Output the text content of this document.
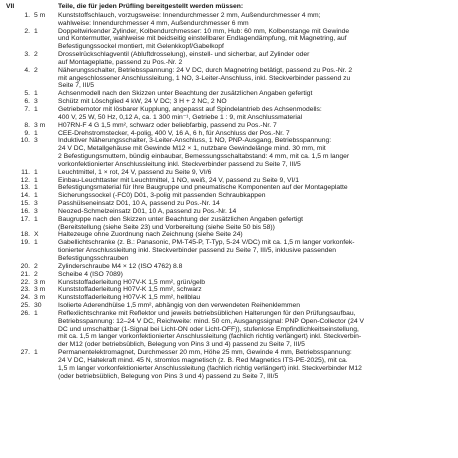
VII	Teile, die für jeden Prüfling bereitgestellt werden müssen:
1. 5 m	Kunststoffschlauch, vorzugsweise: Innendurchmesser 2 mm, Außendurchmesser 4 mm;
wahlweise: Innendurchmesser 4 mm, Außendurchmesser 6 mm
2. 1	Doppeltwirkender Zylinder, Kolbendurchmesser: 10 mm, Hub: 60 mm, Kolbenstange mit Gewinde
und Kontermutter, wahlweise mit beidseitig einstellbarer Endlagendämpfung, mit Magnetring, auf
Befestigungssockel montiert, mit Gelenkkopf/Gabelkopf
3. 2	Drosselrückschlagventil (Abluftdrosselung), einstell- und sicherbar, auf Zylinder oder
auf Montageplatte, passend zu Pos.-Nr. 2
4. 2	Näherungsschalter, Betriebsspannung: 24 V DC, durch Magnetring betätigt, passend zu Pos.-Nr. 2
mit angeschlossener Anschlussleitung, 1 NO, 3-Leiter-Anschluss, inkl. Steckverbinder passend zu
Seite 7, III/5
5. 1	Achsenmodell nach den Skizzen unter Beachtung der zusätzlichen Angaben gefertigt
6. 3	Schütz mit Löschglied 4 kW, 24 V DC; 3 H + 2 NC, 2 NO
7. 1	Getriebemotor mit lösbarer Kupplung, angepasst auf Spindelantrieb des Achsenmodells:
400 V, 25 W, 50 Hz, 0,12 A, ca. 1 300 min⁻¹, Getriebe 1 : 9, mit Anschlussmaterial
8. 3 m	H07RN-F 4 G 1,5 mm², schwarz oder beliebfarbig, passend zu Pos.-Nr. 7
9. 1	CEE-Drehstromstecker, 4-polig, 400 V, 16 A, 6 h, für Anschluss der Pos.-Nr. 7
10. 3	Induktiver Näherungsschalter, 3-Leiter-Anschluss, 1 NO, PNP-Ausgang, Betriebsspannung:
24 V DC, Metallgehäuse mit Gewinde M12 × 1, nutzbare Gewindelänge mind. 30 mm, mit
2 Befestigungsmuttern, bündig einbaubar, Bemessungsschaltabstand: 4 mm, mit ca. 1,5 m langer
vorkonfektionierter Anschlussleitung inkl. Steckverbinder passend zu Seite 7, III/5
11. 1	Leuchtmittel, 1 × rot, 24 V, passend zu Seite 9, VI/6
12. 1	Einbau-Leuchttaster mit Leuchtmittel, 1 NO, weiß, 24 V, passend zu Seite 9, VI/1
13. 1	Befestigungsmaterial für Ihre Baugruppe und pneumatische Komponenten auf der Montageplatte
14. 1	Sicherungssockel (-FC0) D01, 3-polig mit passenden Schraubkappen
15. 3	Passhülseneinsatz D01, 10 A, passend zu Pos.-Nr. 14
16. 3	Neozed-Schmelzeinsatz D01, 10 A, passend zu Pos.-Nr. 14
17. 1	Baugruppe nach den Skizzen unter Beachtung der zusätzlichen Angaben gefertigt
(Bereitstellung (siehe Seite 23) und Vorbereitung (siehe Seite 50 bis 58))
18. X	Haltezeuge ohne Zuordnung nach Zeichnung (siehe Seite 24)
19. 1	Gabellichtschranke (z. B.: Panasonic, PM-T45-P, T-Typ, 5-24 V/DC) mit ca. 1,5 m langer vorkonfek-
tionierter Anschlussleitung inkl. Steckverbinder passend zu Seite 7, III/5, inklusive passenden
Befestigungsschrauben
20. 2	Zylinderschraube M4 × 12 (ISO 4762) 8.8
21. 2	Scheibe 4 (ISO 7089)
22. 3 m	Kunststoffaderleitung H07V-K 1,5 mm², grün/gelb
23. 3 m	Kunststoffaderleitung H07V-K 1,5 mm², schwarz
24. 3 m	Kunststoffaderleitung H07V-K 1,5 mm², hellblau
25. 30	Isolierte Aderendhülse 1,5 mm², abhängig von den verwendeten Reihenklemmen
26. 1	Reflexlichtschranke mit Reflektor und jeweils betriebsüblichen Halterungen für den Prüfungsaufbau,
Betriebsspannung: 12–24 V DC, Reichweite: mind. 50 cm, Ausgangssignal: PNP Open-Collector (24 V
DC und umschaltbar (1-Signal bei Licht-ON oder Licht-OFF)), stufenlose Empfindlichkeitseinstellung,
mit ca. 1,5 m langer vorkonfektionierter Anschlussleitung (fachlich richtig verlängert) inkl. Steckverbin-
der M12 (oder betriebsüblich, Belegung von Pins 3 und 4) passend zu Seite 7, III/5
27. 1	Permanentelektromagnet, Durchmesser 20 mm, Höhe 25 mm, Gewinde 4 mm, Betriebsspannung:
24 V DC, Haltekraft mind. 45 N, stromlos magnetisch (z. B. Red Magnetics ITS-PE-2025), mit ca.
1,5 m langer vorkonfektionierter Anschlussleitung (fachlich richtig verlängert) inkl. Steckverbinder M12
(oder betriebsüblich, Belegung von Pins 3 und 4) passend zu Seite 7, III/5
